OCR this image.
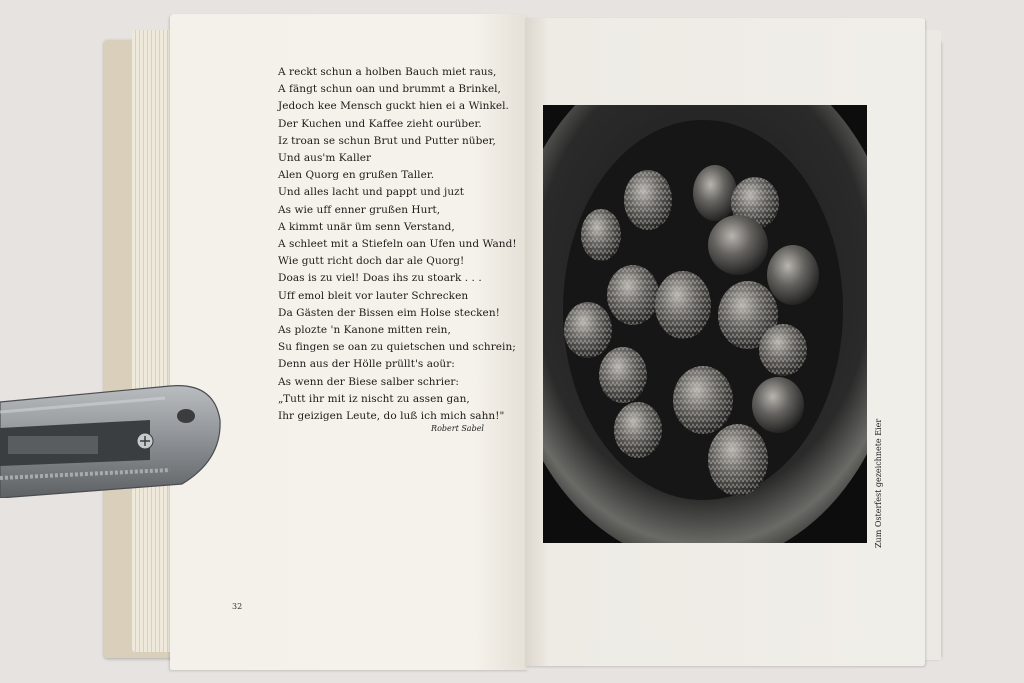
A reckt schun a holben Bauch miet raus,
A fängt schun oan und brummt a Brinkel,
Jedoch kee Mensch guckt hien ei a Winkel.
Der Kuchen und Kaffee zieht ourüber.
Iz troan se schun Brut und Putter nüber,
Und aus'm Kaller
Alen Quorg en grußen Taller.
Und alles lacht und pappt und juzt
As wie uff enner grußen Hurt,
A kimmt unär üm senn Verstand,
A schleet mit a Stiefeln oan Ufen und Wand!
Wie gutt richt doch dar ale Quorg!
Doas is zu viel! Doas ihs zu stoark . . .
Uff emol bleit vor lauter Schrecken
Da Gästen der Bissen eim Holse stecken!
As plozte 'n Kanone mitten rein,
Su fingen se oan zu quietschen und schrein;
Denn aus der Hölle prüllt's aoür:
As wenn der Biese salber schrier:
„Tutt ihr mit iz nischt zu assen gan,
Ihr geizigen Leute, do luß ich mich sahn!"
Robert Sabel
32
Zum Osterfest gezeichnete Eier
